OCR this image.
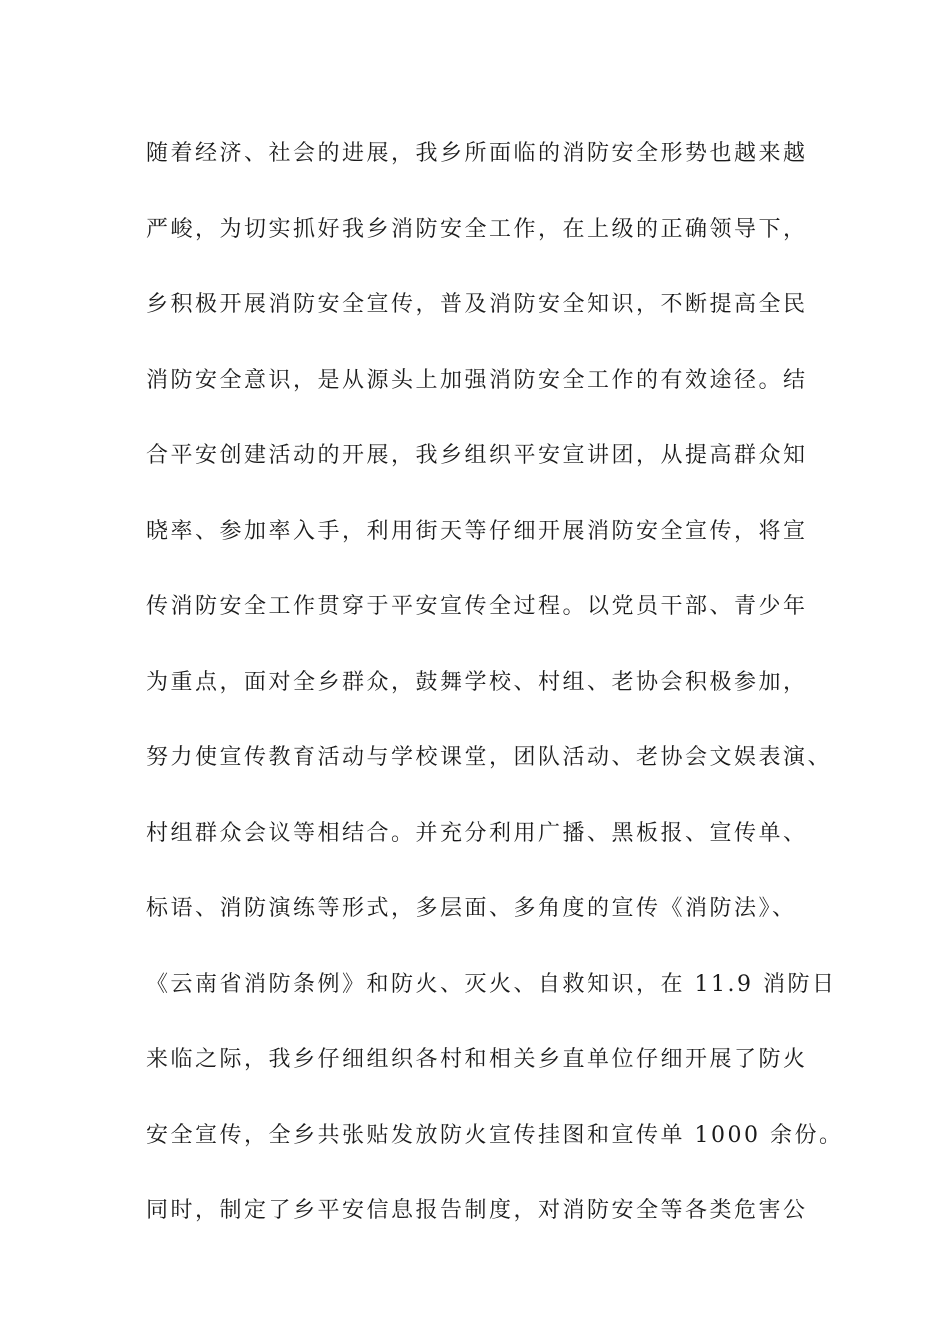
随着经济、社会的进展，我乡所面临的消防安全形势也越来越
严峻，为切实抓好我乡消防安全工作，在上级的正确领导下，
乡积极开展消防安全宣传，普及消防安全知识，不断提高全民
消防安全意识，是从源头上加强消防安全工作的有效途径。结
合平安创建活动的开展，我乡组织平安宣讲团，从提高群众知
晓率、参加率入手，利用街天等仔细开展消防安全宣传，将宣
传消防安全工作贯穿于平安宣传全过程。以党员干部、青少年
为重点，面对全乡群众，鼓舞学校、村组、老协会积极参加，
努力使宣传教育活动与学校课堂，团队活动、老协会文娱表演、
村组群众会议等相结合。并充分利用广播、黑板报、宣传单、
标语、消防演练等形式，多层面、多角度的宣传《消防法》、
《云南省消防条例》和防火、灭火、自救知识，在 11.9 消防日
来临之际，我乡仔细组织各村和相关乡直单位仔细开展了防火
安全宣传，全乡共张贴发放防火宣传挂图和宣传单 1000 余份。
同时，制定了乡平安信息报告制度，对消防安全等各类危害公
